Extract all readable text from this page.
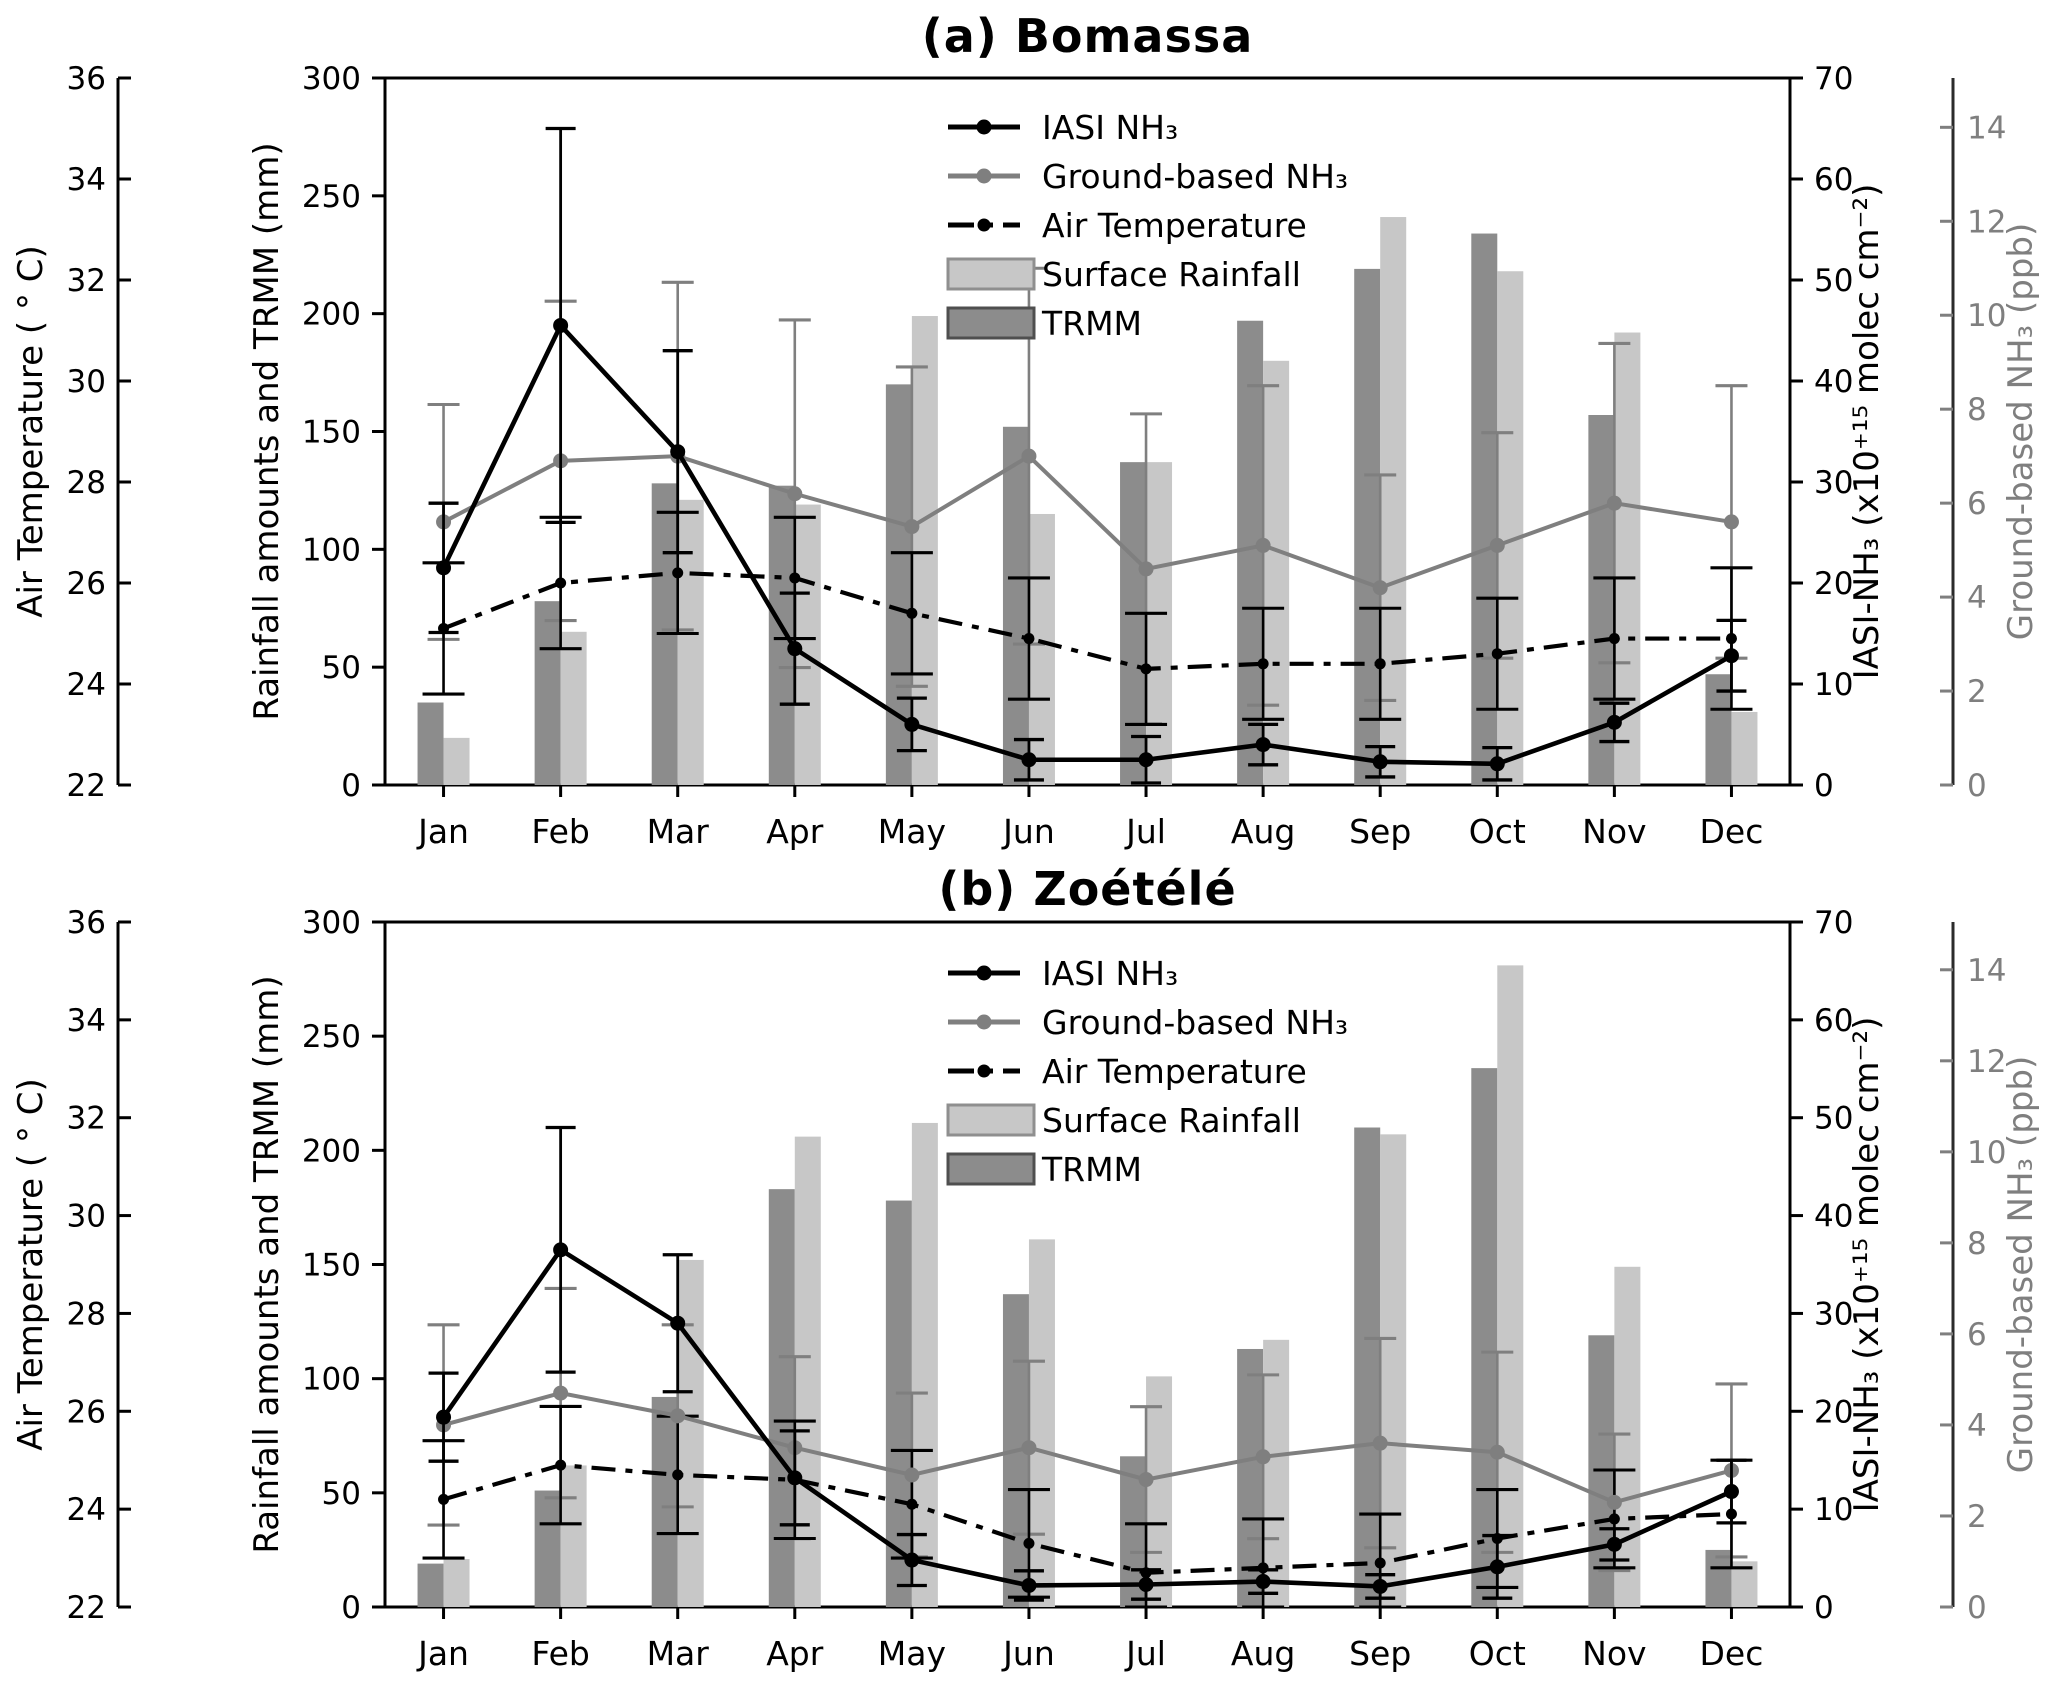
(a) Bomassa
22
24
26
28
30
32
34
36
Air Temperature ( ° C)
0
50
100
150
200
250
300
Rainfall amounts and TRMM (mm)
0
10
20
30
40
50
60
70
IASI-NH₃ (x10⁺¹⁵ molec cm⁻²)
0
2
4
6
8
10
12
14
Ground-based NH₃ (ppb)
Jan Feb Mar Apr May Jun Jul Aug Sep Oct Nov Dec
IASI NH₃
Ground-based NH₃
Air Temperature
Surface Rainfall
TRMM
(b) Zoétélé
22
24
26
28
30
32
34
36
Air Temperature ( ° C)
0
50
100
150
200
250
300
Rainfall amounts and TRMM (mm)
0
10
20
30
40
50
60
70
IASI-NH₃ (x10⁺¹⁵ molec cm⁻²)
0
2
4
6
8
10
12
14
Ground-based NH₃ (ppb)
Jan Feb Mar Apr May Jun Jul Aug Sep Oct Nov Dec
IASI NH₃
Ground-based NH₃
Air Temperature
Surface Rainfall
TRMM
